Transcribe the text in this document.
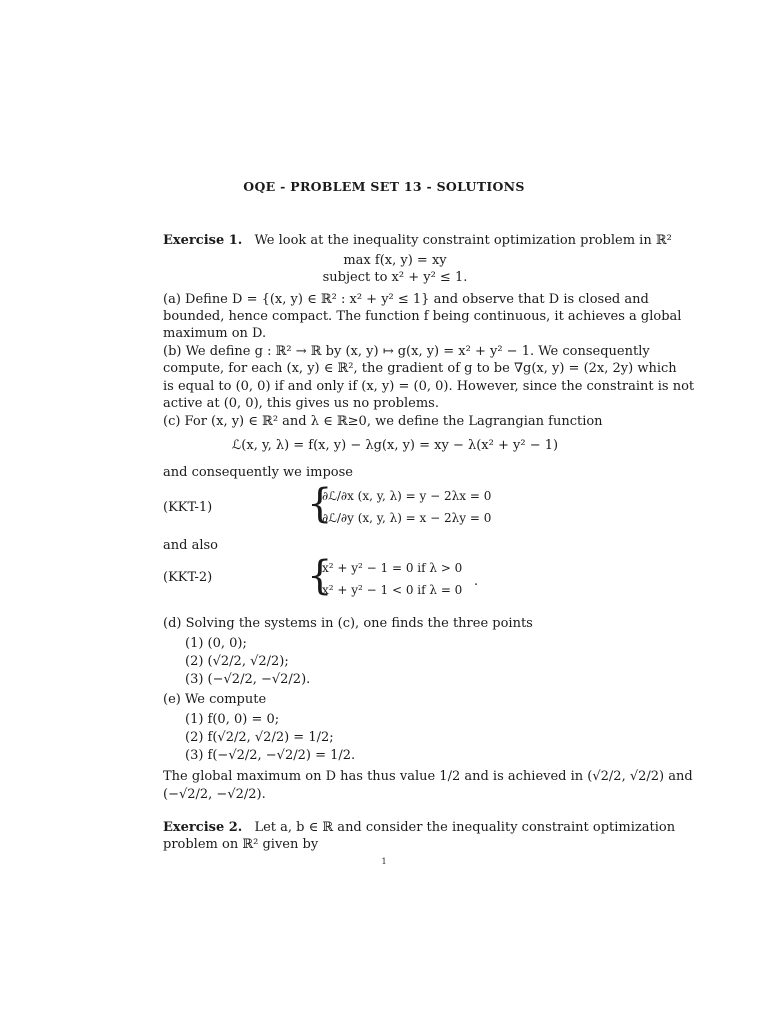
OQE - PROBLEM SET 13 - SOLUTIONS
Exercise 1. We look at the inequality constraint optimization problem in ℝ²
max f(x, y) = xy
subject to x² + y² ≤ 1.
(a) Define D = {(x, y) ∈ ℝ² : x² + y² ≤ 1} and observe that D is closed and
bounded, hence compact. The function f being continuous, it achieves a global
maximum on D.
(b) We define g : ℝ² → ℝ by (x, y) ↦ g(x, y) = x² + y² − 1. We consequently
compute, for each (x, y) ∈ ℝ², the gradient of g to be ∇g(x, y) = (2x, 2y) which
is equal to (0, 0) if and only if (x, y) = (0, 0). However, since the constraint is not
active at (0, 0), this gives us no problems.
(c) For (x, y) ∈ ℝ² and λ ∈ ℝ≥0, we define the Lagrangian function
ℒ(x, y, λ) = f(x, y) − λg(x, y) = xy − λ(x² + y² − 1)
and consequently we impose
(KKT-1) {
∂ℒ/∂x (x, y, λ) = y − 2λx = 0
∂ℒ/∂y (x, y, λ) = x − 2λy = 0
and also
(KKT-2) {
x² + y² − 1 = 0 if λ > 0
x² + y² − 1 < 0 if λ = 0
.
(d) Solving the systems in (c), one finds the three points
(1) (0, 0);
(2) (√2/2, √2/2);
(3) (−√2/2, −√2/2).
(e) We compute
(1) f(0, 0) = 0;
(2) f(√2/2, √2/2) = 1/2;
(3) f(−√2/2, −√2/2) = 1/2.
The global maximum on D has thus value 1/2 and is achieved in (√2/2, √2/2) and
(−√2/2, −√2/2).
Exercise 2. Let a, b ∈ ℝ and consider the inequality constraint optimization
problem on ℝ² given by
1
